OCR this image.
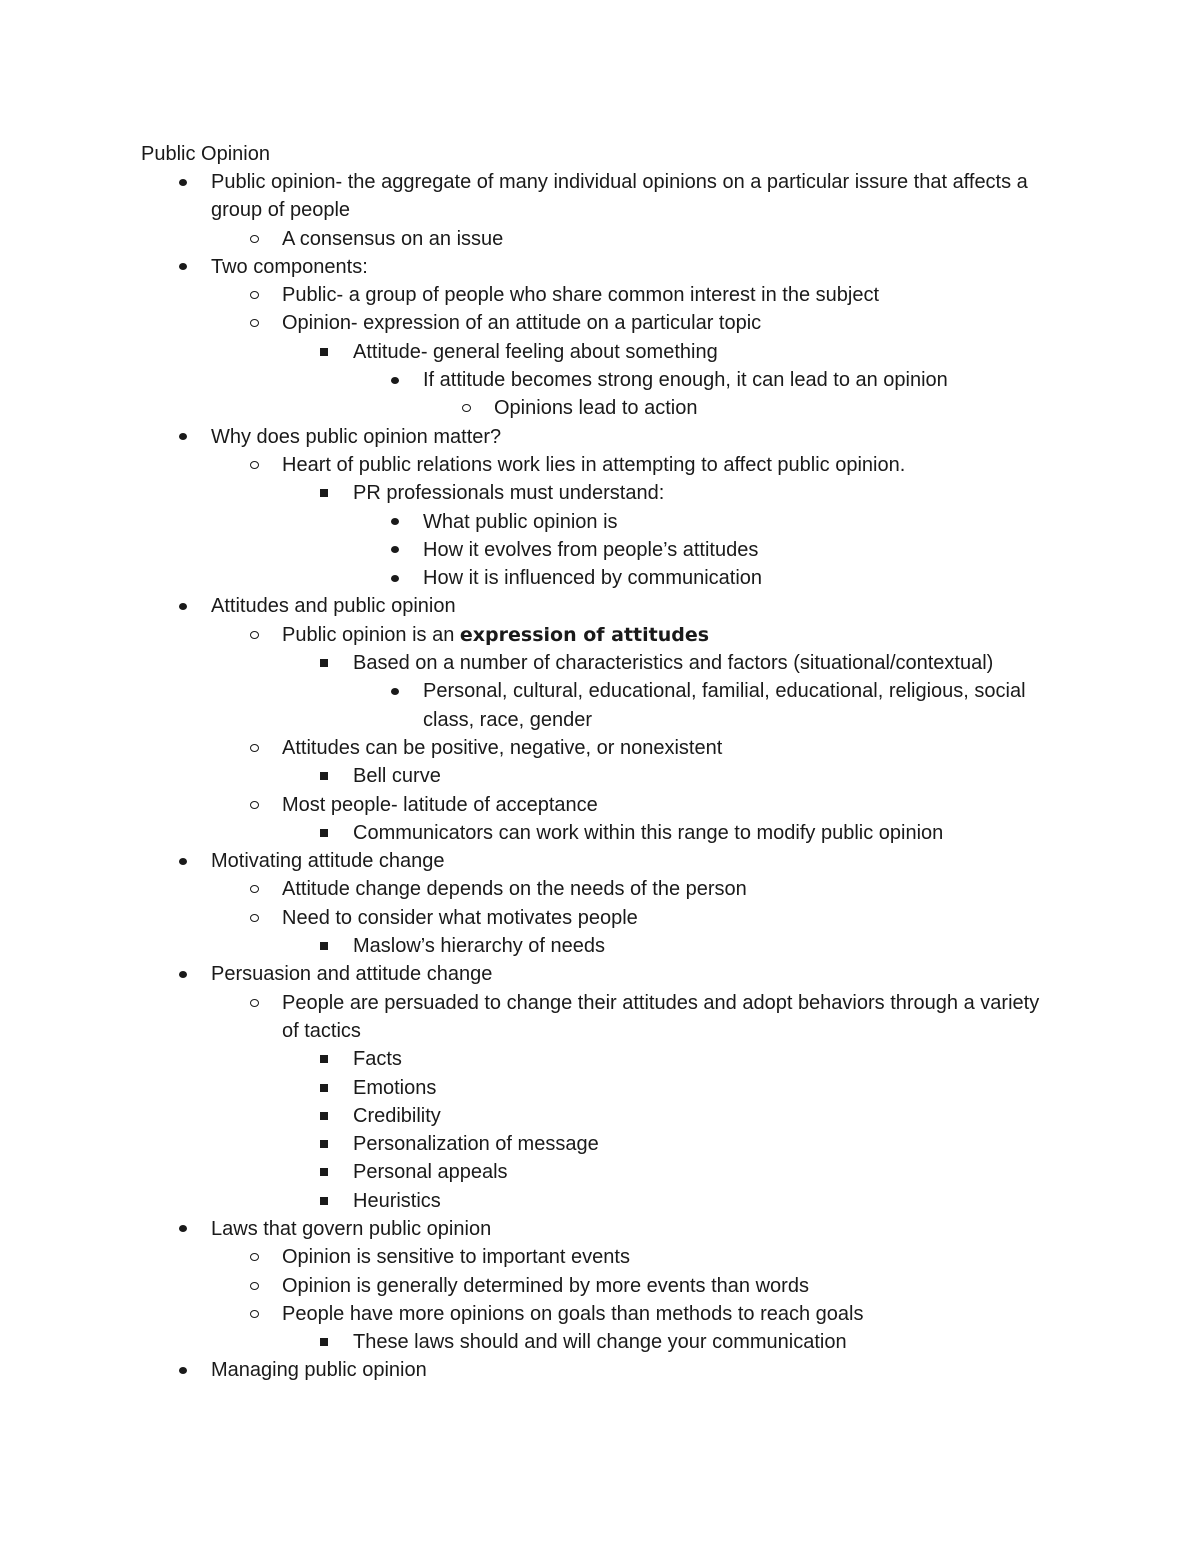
Public Opinion
Public opinion- the aggregate of many individual opinions on a particular issure that affects a group of people
A consensus on an issue
Two components:
Public- a group of people who share common interest in the subject
Opinion- expression of an attitude on a particular topic
Attitude- general feeling about something
If attitude becomes strong enough, it can lead to an opinion
Opinions lead to action
Why does public opinion matter?
Heart of public relations work lies in attempting to affect public opinion.
PR professionals must understand:
What public opinion is
How it evolves from people’s attitudes
How it is influenced by communication
Attitudes and public opinion
Public opinion is an expression of attitudes
Based on a number of characteristics and factors (situational/contextual)
Personal, cultural, educational, familial, educational, religious, social class, race, gender
Attitudes can be positive, negative, or nonexistent
Bell curve
Most people- latitude of acceptance
Communicators can work within this range to modify public opinion
Motivating attitude change
Attitude change depends on the needs of the person
Need to consider what motivates people
Maslow’s hierarchy of needs
Persuasion and attitude change
People are persuaded to change their attitudes and adopt behaviors through a variety of tactics
Facts
Emotions
Credibility
Personalization of message
Personal appeals
Heuristics
Laws that govern public opinion
Opinion is sensitive to important events
Opinion is generally determined by more events than words
People have more opinions on goals than methods to reach goals
These laws should and will change your communication
Managing public opinion
